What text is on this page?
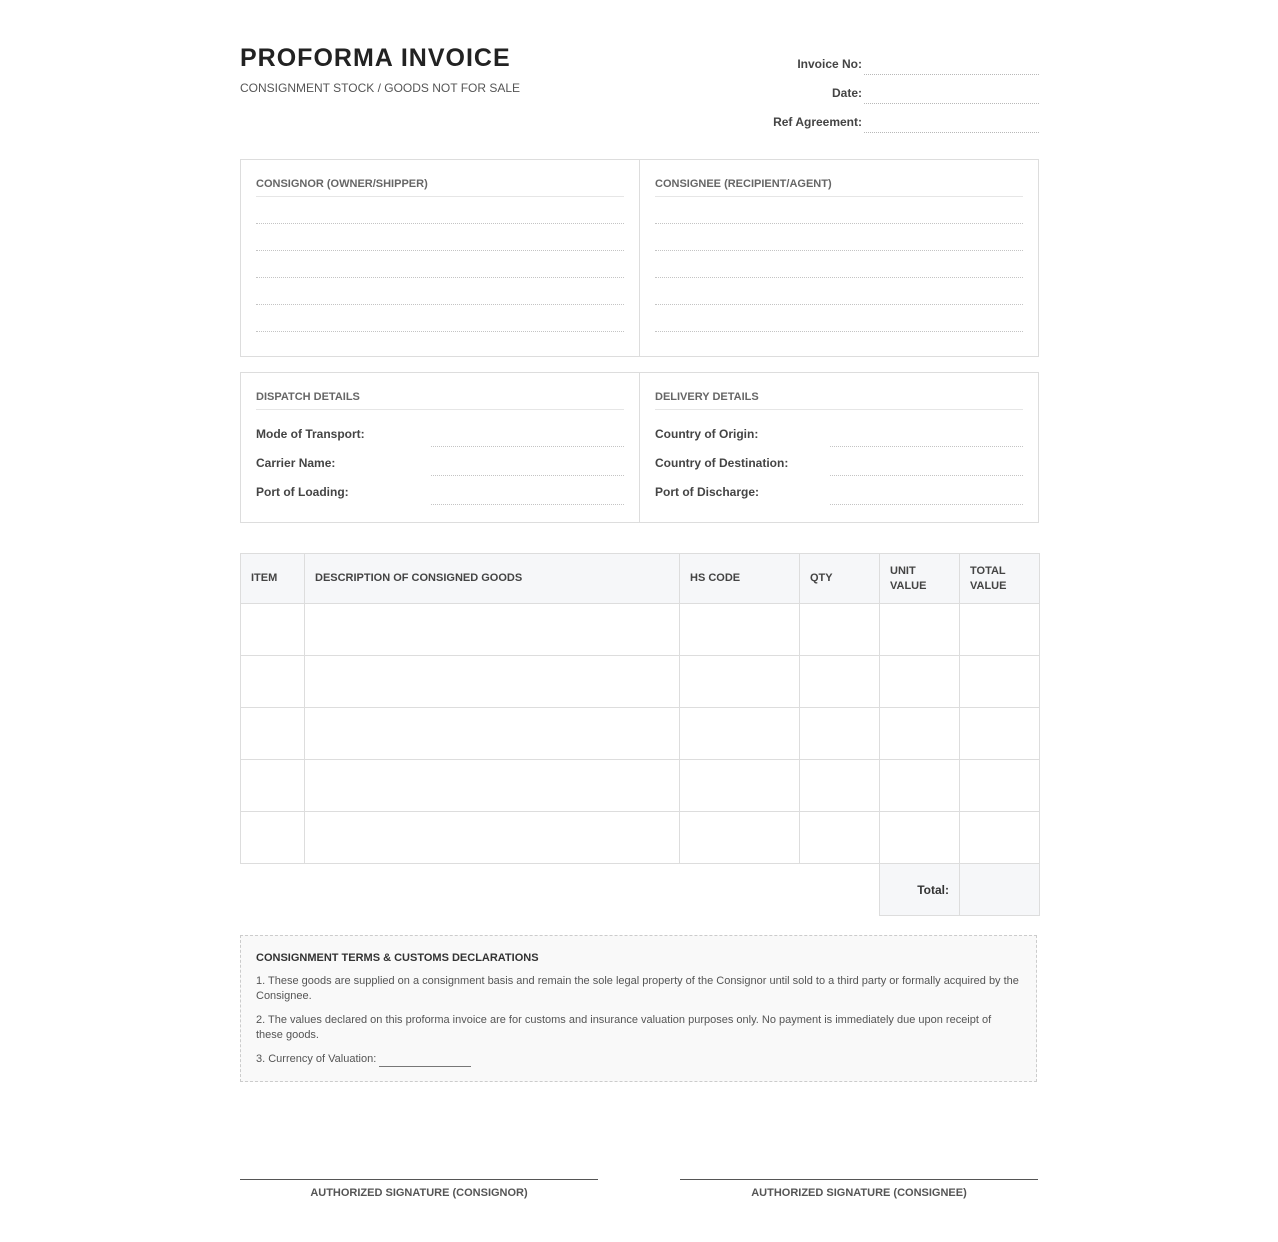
PROFORMA INVOICE
CONSIGNMENT STOCK / GOODS NOT FOR SALE
Invoice No:
Date:
Ref Agreement:
CONSIGNOR (OWNER/SHIPPER)	CONSIGNEE (RECIPIENT/AGENT)
DISPATCH DETAILS
Mode of Transport:
Carrier Name:
Port of Loading:
DELIVERY DETAILS
Country of Origin:
Country of Destination:
Port of Discharge:
ITEM	DESCRIPTION OF CONSIGNED GOODS	HS CODE	QTY	UNIT VALUE	TOTAL VALUE

				Total:	
CONSIGNMENT TERMS & CUSTOMS DECLARATIONS
1. These goods are supplied on a consignment basis and remain the sole legal property of the Consignor until sold to a third party or formally acquired by the Consignee.
2. The values declared on this proforma invoice are for customs and insurance valuation purposes only. No payment is immediately due upon receipt of these goods.
3. Currency of Valuation:
AUTHORIZED SIGNATURE (CONSIGNOR)	AUTHORIZED SIGNATURE (CONSIGNEE)
